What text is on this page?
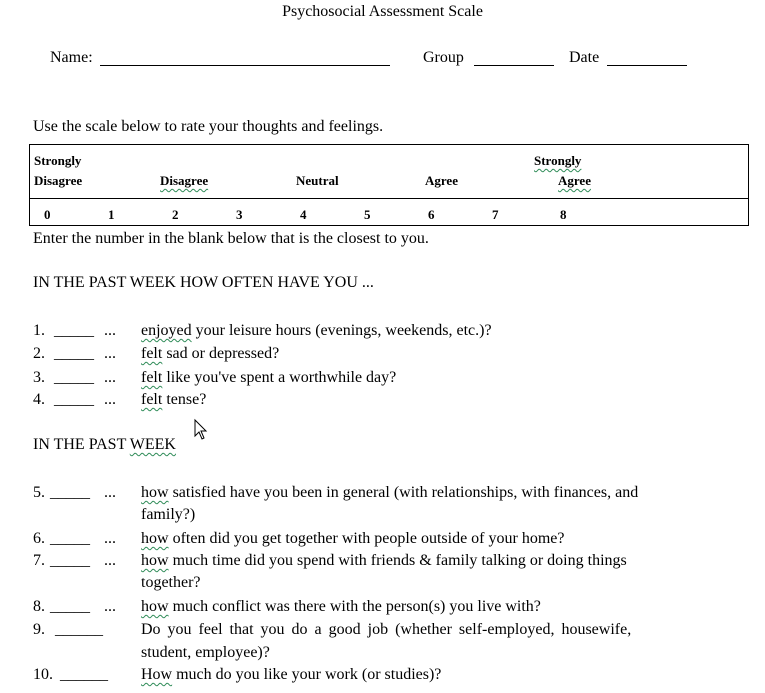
Psychosocial Assessment Scale
Name:	Group	Date
Use the scale below to rate your thoughts and feelings.
Strongly
Disagree	Disagree	Neutral	Agree
Strongly
Agree
0	1	2	3	4	5	6	7	8
Enter the number in the blank below that is the closest to you.
IN THE PAST WEEK HOW OFTEN HAVE YOU ...
1. _____ ... enjoyed your leisure hours (evenings, weekends, etc.)?
2. _____ ... felt sad or depressed?
3. _____ ... felt like you've spent a worthwhile day?
4. _____ ... felt tense?
IN THE PAST WEEK
5. _____ ... how satisfied have you been in general (with relationships, with finances, and
family?)
6. _____ ... how often did you get together with people outside of your home?
7. _____ ... how much time did you spend with friends & family talking or doing things
together?
8. _____ ... how much conflict was there with the person(s) you live with?
9. ______ Do you feel that you do a good job (whether self-employed, housewife,
student, employee)?
10. ______ How much do you like your work (or studies)?
